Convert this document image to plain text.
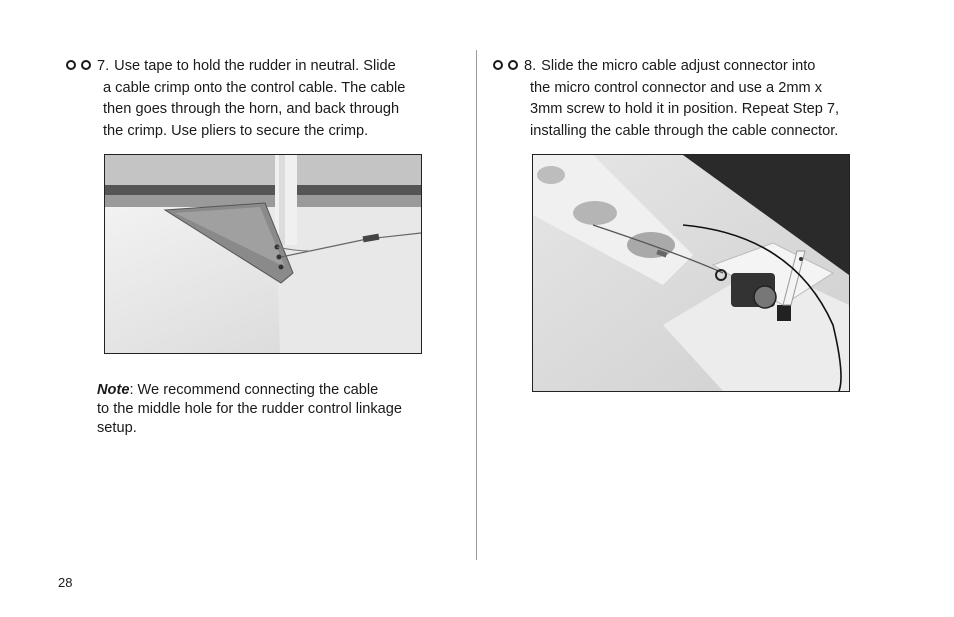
7. Use tape to hold the rudder in neutral. Slide
a cable crimp onto the control cable. The cable
then goes through the horn, and back through
the crimp. Use pliers to secure the crimp.
Note: We recommend connecting the cable
to the middle hole for the rudder control linkage
setup.
8. Slide the micro cable adjust connector into
the micro control connector and use a 2mm x
3mm screw to hold it in position. Repeat Step 7,
installing the cable through the cable connector.
28
